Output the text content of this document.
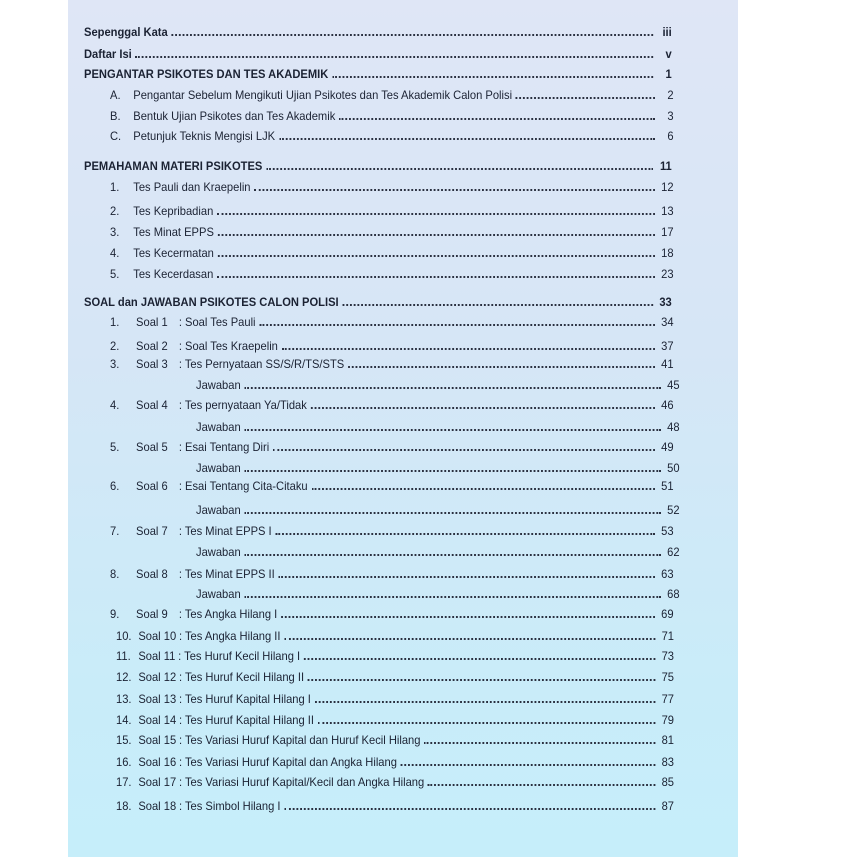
Sepenggal Kata	iii
Daftar Isi	v
PENGANTAR PSIKOTES DAN TES AKADEMIK	1
A.	Pengantar Sebelum Mengikuti Ujian Psikotes dan Tes Akademik Calon Polisi	2
B.	Bentuk Ujian Psikotes dan Tes Akademik	3
C.	Petunjuk Teknis Mengisi LJK	6
PEMAHAMAN MATERI PSIKOTES	11
1.	Tes Pauli dan Kraepelin	12
2.	Tes Kepribadian	13
3.	Tes Minat EPPS	17
4.	Tes Kecermatan	18
5.	Tes Kecerdasan	23
SOAL dan JAWABAN PSIKOTES CALON POLISI	33
1.	Soal 1 : Soal Tes Pauli	34
2.	Soal 2 : Soal Tes Kraepelin	37
3.	Soal 3 : Tes Pernyataan SS/S/R/TS/STS	41
Jawaban	45
4.	Soal 4 : Tes pernyataan Ya/Tidak	46
Jawaban	48
5.	Soal 5 : Esai Tentang Diri	49
Jawaban	50
6.	Soal 6 : Esai Tentang Cita-Citaku	51
Jawaban	52
7.	Soal 7 : Tes Minat EPPS I	53
Jawaban	62
8.	Soal 8 : Tes Minat EPPS II	63
Jawaban	68
9.	Soal 9 : Tes Angka Hilang I	69
10. Soal 10 : Tes Angka Hilang II	71
11. Soal 11 : Tes Huruf Kecil Hilang I	73
12. Soal 12 : Tes Huruf Kecil Hilang II	75
13. Soal 13 : Tes Huruf Kapital Hilang I	77
14. Soal 14 : Tes Huruf Kapital Hilang II	79
15. Soal 15 : Tes Variasi Huruf Kapital dan Huruf Kecil Hilang	81
16. Soal 16 : Tes Variasi Huruf Kapital dan Angka Hilang	83
17. Soal 17 : Tes Variasi Huruf Kapital/Kecil dan Angka Hilang	85
18. Soal 18 : Tes Simbol Hilang I	87
